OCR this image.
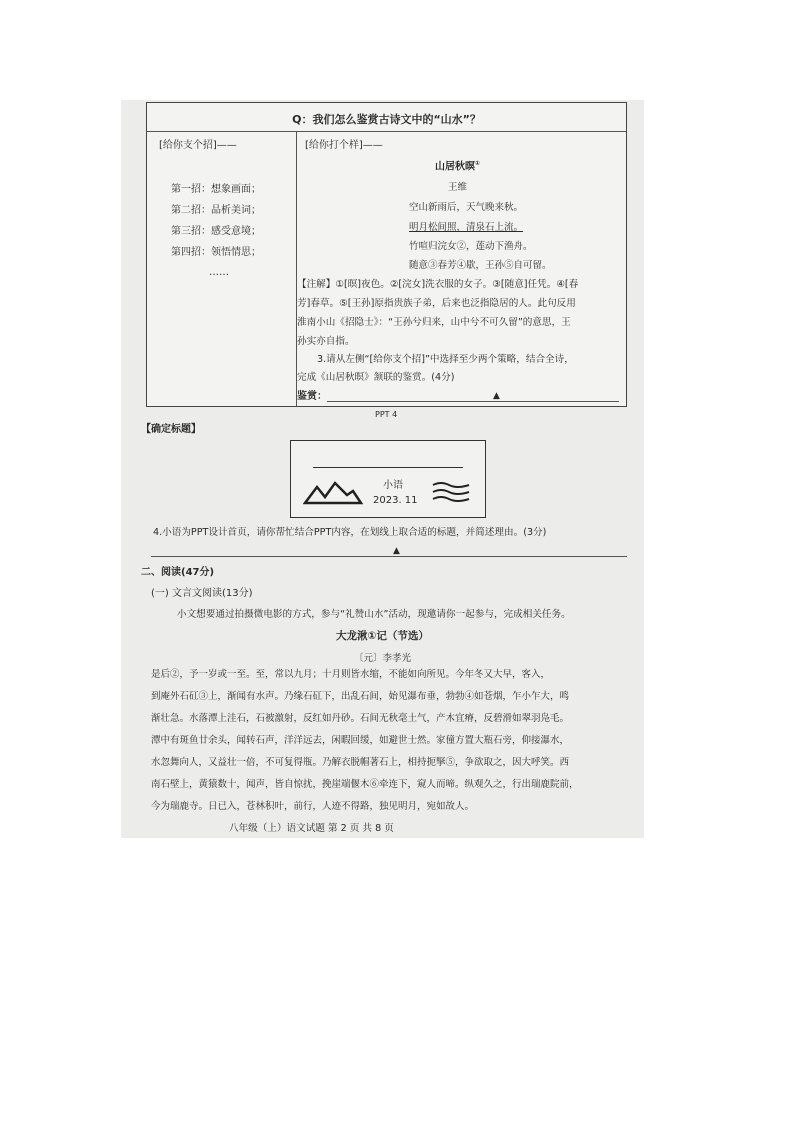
Q：我们怎么鉴赏古诗文中的“山水”？
[给你支个招]——
第一招：想象画面；
第二招：品析美词；
第三招：感受意境；
第四招：领悟情思；
……
[给你打个样]——
山居秋暝①
王维
空山新雨后，天气晚来秋。
明月松间照，清泉石上流。
竹喧归浣女②，莲动下渔舟。
随意③春芳④歇，王孙⑤自可留。
【注解】①[暝]夜色。②[浣女]洗衣服的女子。③[随意]任凭。④[春
芳]春草。⑤[王孙]原指贵族子弟，后来也泛指隐居的人。此句反用
淮南小山《招隐士》：“王孙兮归来，山中兮不可久留”的意思，王
孙实亦自指。
3.请从左侧“[给你支个招]”中选择至少两个策略，结合全诗，
完成《山居秋暝》颔联的鉴赏。(4分)
鉴赏：	▲
PPT 4
【确定标题】
小语
2023. 11
4.小语为PPT设计首页，请你帮忙结合PPT内容，在划线上取合适的标题，并简述理由。(3分)
▲
二、阅读(47分)
(一) 文言文阅读(13分)
小文想要通过拍摄微电影的方式，参与“礼赞山水”活动，现邀请你一起参与，完成相关任务。
大龙湫①记（节选）
〔元〕李孝光
是后②，予一岁或一至。至，常以九月；十月则皆水缩，不能如向所见。今年冬又大早，客入，
到庵外石矼③上，渐闻有水声。乃缘石矼下，出乱石间，始见瀑布垂，勃勃④如苍烟，乍小乍大，鸣
渐壮急。水落潭上洼石，石被激射，反红如丹砂。石间无秋毫土气，产木宜瘠，反碧滑如翠羽凫毛。
潭中有斑鱼廿余头，闻转石声，洋洋远去，闲暇回缓，如避世士然。家僮方置大瓶石旁，仰接瀑水，
水忽舞向人，又益壮一倍，不可复得瓶。乃解衣脱帽著石上，相持扼掔⑤，争欲取之，因大呼笑。西
南石壁上，黄猿数十，闻声，皆自惊扰，挽崖端偃木⑥牵连下，窥人而啼。纵观久之，行出瑞鹿院前，
今为瑞鹿寺。日已入，苍林积叶，前行，人迹不得路，独见明月，宛如故人。
八年级（上）语文试题 第 2 页 共 8 页
